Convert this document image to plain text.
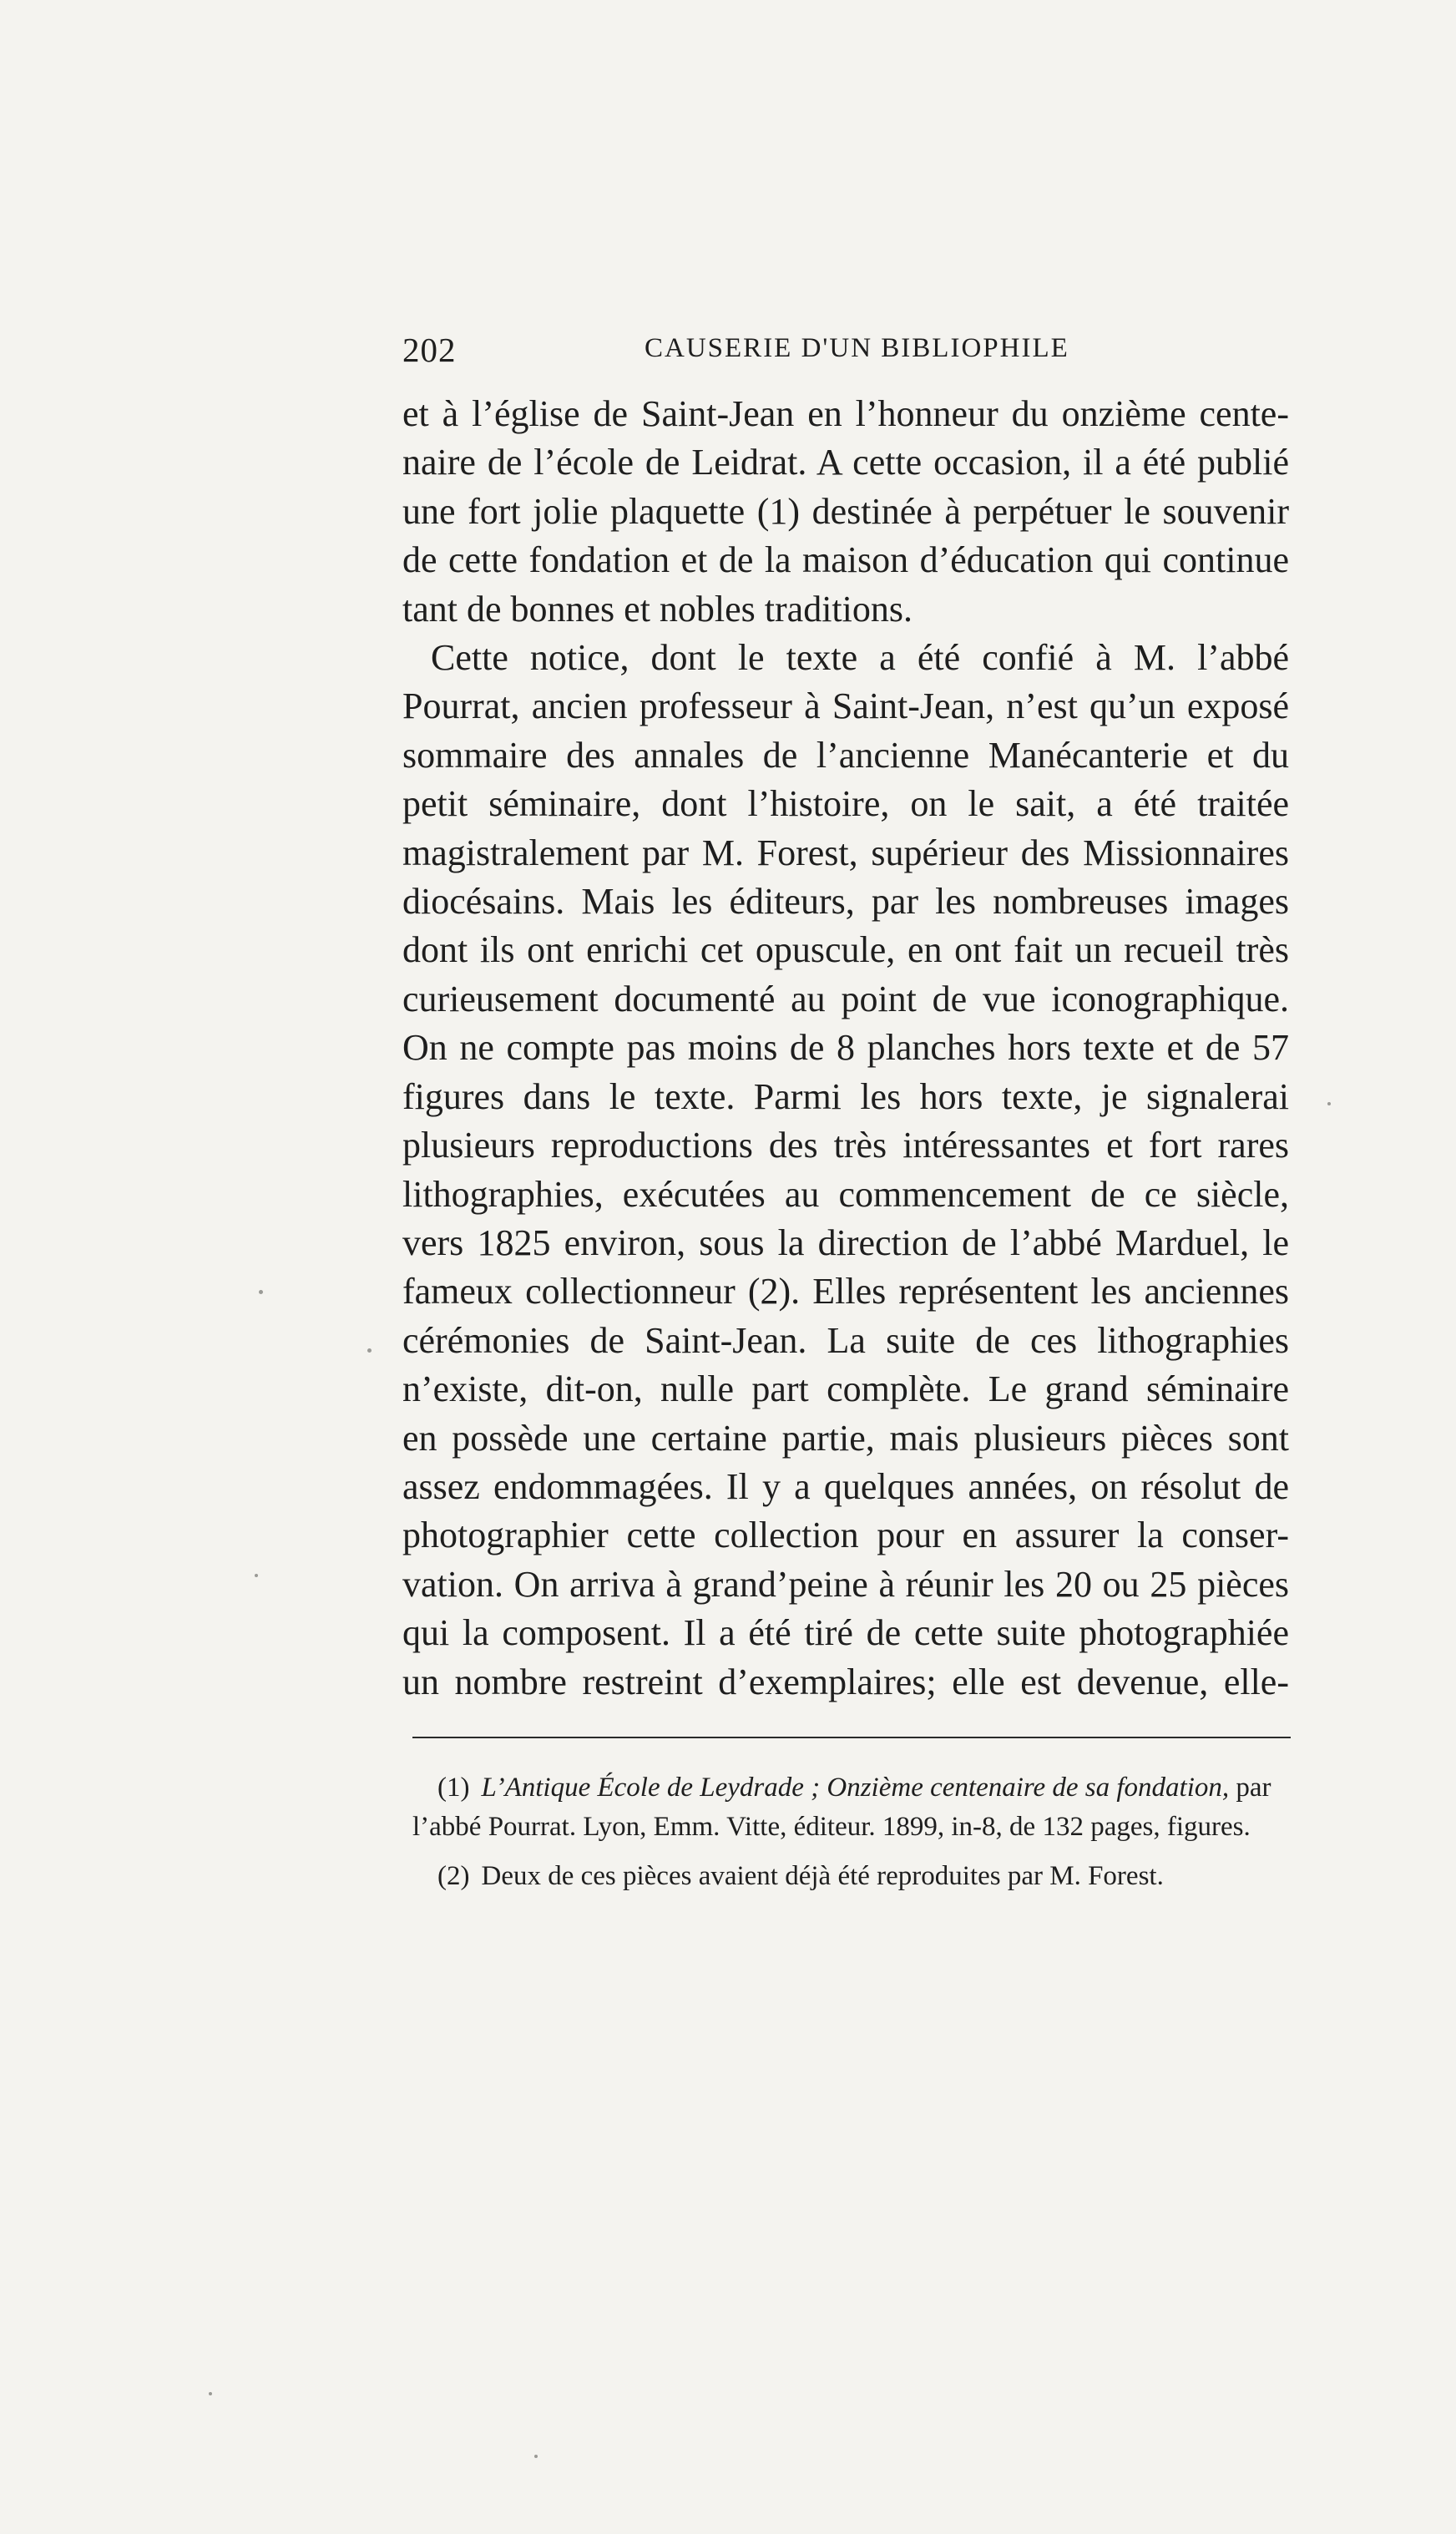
202	CAUSERIE D'UN BIBLIOPHILE
et à l’église de Saint-Jean en l’honneur du onzième cente-
naire de l’école de Leidrat. A cette occasion, il a été publié
une fort jolie plaquette (1) destinée à perpétuer le souvenir
de cette fondation et de la maison d’éducation qui continue
tant de bonnes et nobles traditions.
Cette notice, dont le texte a été confié à M. l’abbé
Pourrat, ancien professeur à Saint-Jean, n’est qu’un exposé
sommaire des annales de l’ancienne Manécanterie et du
petit séminaire, dont l’histoire, on le sait, a été traitée
magistralement par M. Forest, supérieur des Missionnaires
diocésains. Mais les éditeurs, par les nombreuses images
dont ils ont enrichi cet opuscule, en ont fait un recueil très
curieusement documenté au point de vue iconographique.
On ne compte pas moins de 8 planches hors texte et de 57
figures dans le texte. Parmi les hors texte, je signalerai
plusieurs reproductions des très intéressantes et fort rares
lithographies, exécutées au commencement de ce siècle,
vers 1825 environ, sous la direction de l’abbé Marduel, le
fameux collectionneur (2). Elles représentent les anciennes
cérémonies de Saint-Jean. La suite de ces lithographies
n’existe, dit-on, nulle part complète. Le grand séminaire
en possède une certaine partie, mais plusieurs pièces sont
assez endommagées. Il y a quelques années, on résolut de
photographier cette collection pour en assurer la conser-
vation. On arriva à grand’peine à réunir les 20 ou 25 pièces
qui la composent. Il a été tiré de cette suite photographiée
un nombre restreint d’exemplaires; elle est devenue, elle-
(1) L’Antique École de Leydrade ; Onzième centenaire de sa fondation, par l’abbé Pourrat. Lyon, Emm. Vitte, éditeur. 1899, in-8, de 132 pages, figures.
(2) Deux de ces pièces avaient déjà été reproduites par M. Forest.
